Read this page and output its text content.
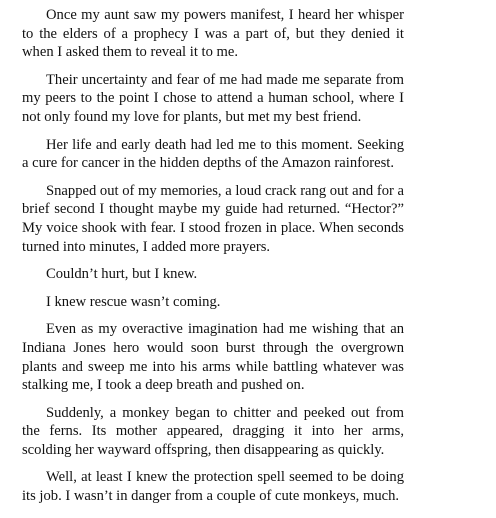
Once my aunt saw my powers manifest, I heard her whisper to the elders of a prophecy I was a part of, but they denied it when I asked them to reveal it to me.

Their uncertainty and fear of me had made me separate from my peers to the point I chose to attend a human school, where I not only found my love for plants, but met my best friend.

Her life and early death had led me to this moment. Seeking a cure for cancer in the hidden depths of the Amazon rainforest.

Snapped out of my memories, a loud crack rang out and for a brief second I thought maybe my guide had returned. “Hector?” My voice shook with fear. I stood frozen in place. When seconds turned into minutes, I added more prayers.

Couldn’t hurt, but I knew.

I knew rescue wasn’t coming.

Even as my overactive imagination had me wishing that an Indiana Jones hero would soon burst through the overgrown plants and sweep me into his arms while battling whatever was stalking me, I took a deep breath and pushed on.

Suddenly, a monkey began to chitter and peeked out from the ferns. Its mother appeared, dragging it into her arms, scolding her wayward offspring, then disappearing as quickly.

Well, at least I knew the protection spell seemed to be doing its job. I wasn’t in danger from a couple of cute monkeys, much.
